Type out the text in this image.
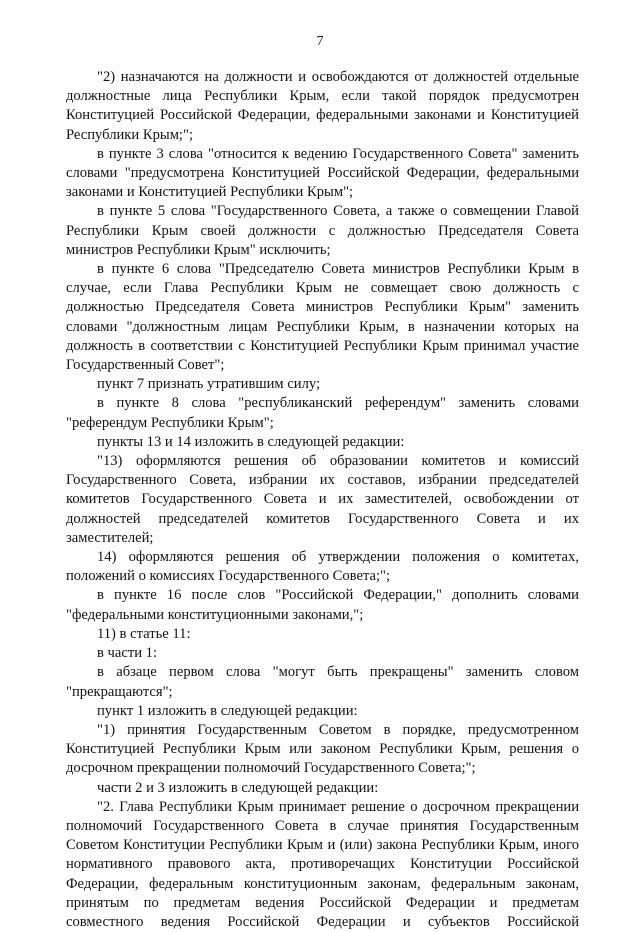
7

"2) назначаются на должности и освобождаются от должностей отдельные должностные лица Республики Крым, если такой порядок предусмотрен Конституцией Российской Федерации, федеральными законами и Конституцией Республики Крым;";

в пункте 3 слова "относится к ведению Государственного Совета" заменить словами "предусмотрена Конституцией Российской Федерации, федеральными законами и Конституцией Республики Крым";

в пункте 5 слова "Государственного Совета, а также о совмещении Главой Республики Крым своей должности с должностью Председателя Совета министров Республики Крым" исключить;

в пункте 6 слова "Председателю Совета министров Республики Крым в случае, если Глава Республики Крым не совмещает свою должность с должностью Председателя Совета министров Республики Крым" заменить словами "должностным лицам Республики Крым, в назначении которых на должность в соответствии с Конституцией Республики Крым принимал участие Государственный Совет";

пункт 7 признать утратившим силу;

в пункте 8 слова "республиканский референдум" заменить словами "референдум Республики Крым";

пункты 13 и 14 изложить в следующей редакции:

"13) оформляются решения об образовании комитетов и комиссий Государственного Совета, избрании их составов, избрании председателей комитетов Государственного Совета и их заместителей, освобождении от должностей председателей комитетов Государственного Совета и их заместителей;

14) оформляются решения об утверждении положения о комитетах, положений о комиссиях Государственного Совета;";

в пункте 16 после слов "Российской Федерации," дополнить словами "федеральными конституционными законами,";

11) в статье 11:

в части 1:

в абзаце первом слова "могут быть прекращены" заменить словом "прекращаются";

пункт 1 изложить в следующей редакции:

"1) принятия Государственным Советом в порядке, предусмотренном Конституцией Республики Крым или законом Республики Крым, решения о досрочном прекращении полномочий Государственного Совета;";

части 2 и 3 изложить в следующей редакции:

"2. Глава Республики Крым принимает решение о досрочном прекращении полномочий Государственного Совета в случае принятия Государственным Советом Конституции Республики Крым и (или) закона Республики Крым, иного нормативного правового акта, противоречащих Конституции Российской Федерации, федеральным конституционным законам, федеральным законам, принятым по предметам ведения Российской Федерации и предметам совместного ведения Российской Федерации и субъектов Российской
